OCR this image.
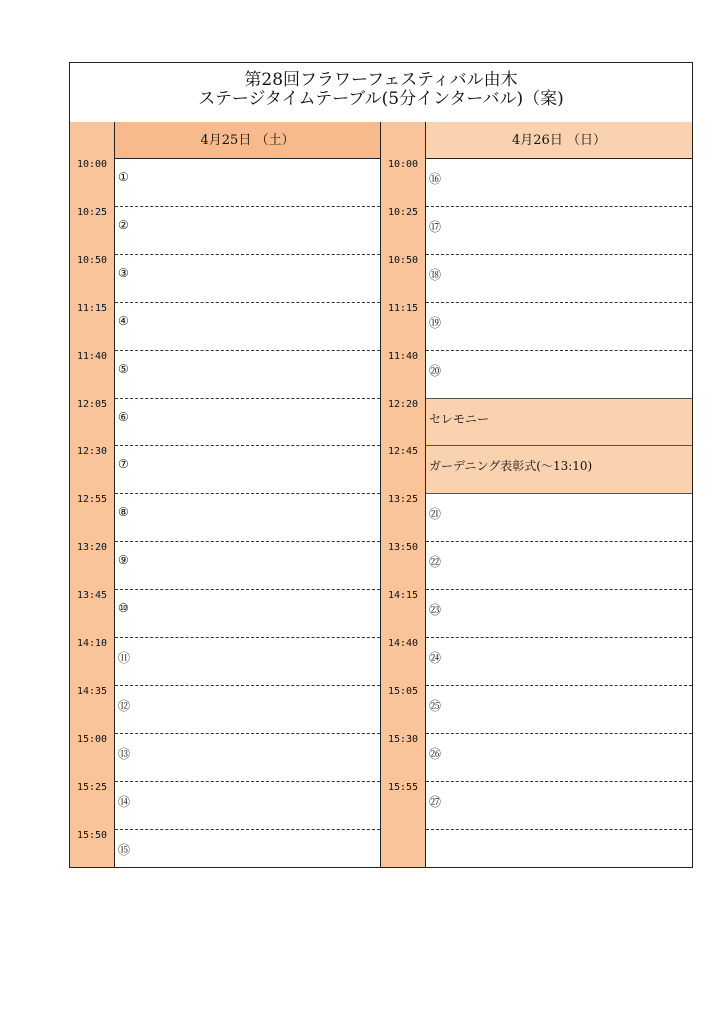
第28回フラワーフェスティバル由木
ステージタイムテーブル(5分インターバル)（案)
4月25日 （土）	4月26日 （日）
10:00
10:25
10:50
11:15
11:40
12:05
12:30
12:55
13:20
13:45
14:10
14:35
15:00
15:25
15:50
①
②
③
④
⑤
⑥
⑦
⑧
⑨
⑩
⑪
⑫
⑬
⑭
⑮
10:00
10:25
10:50
11:15
11:40
12:20
12:45
13:25
13:50
14:15
14:40
15:05
15:30
15:55
⑯
⑰
⑱
⑲
⑳
セレモニー
ガーデニング表彰式(～13:10)
㉑
㉒
㉓
㉔
㉕
㉖
㉗
